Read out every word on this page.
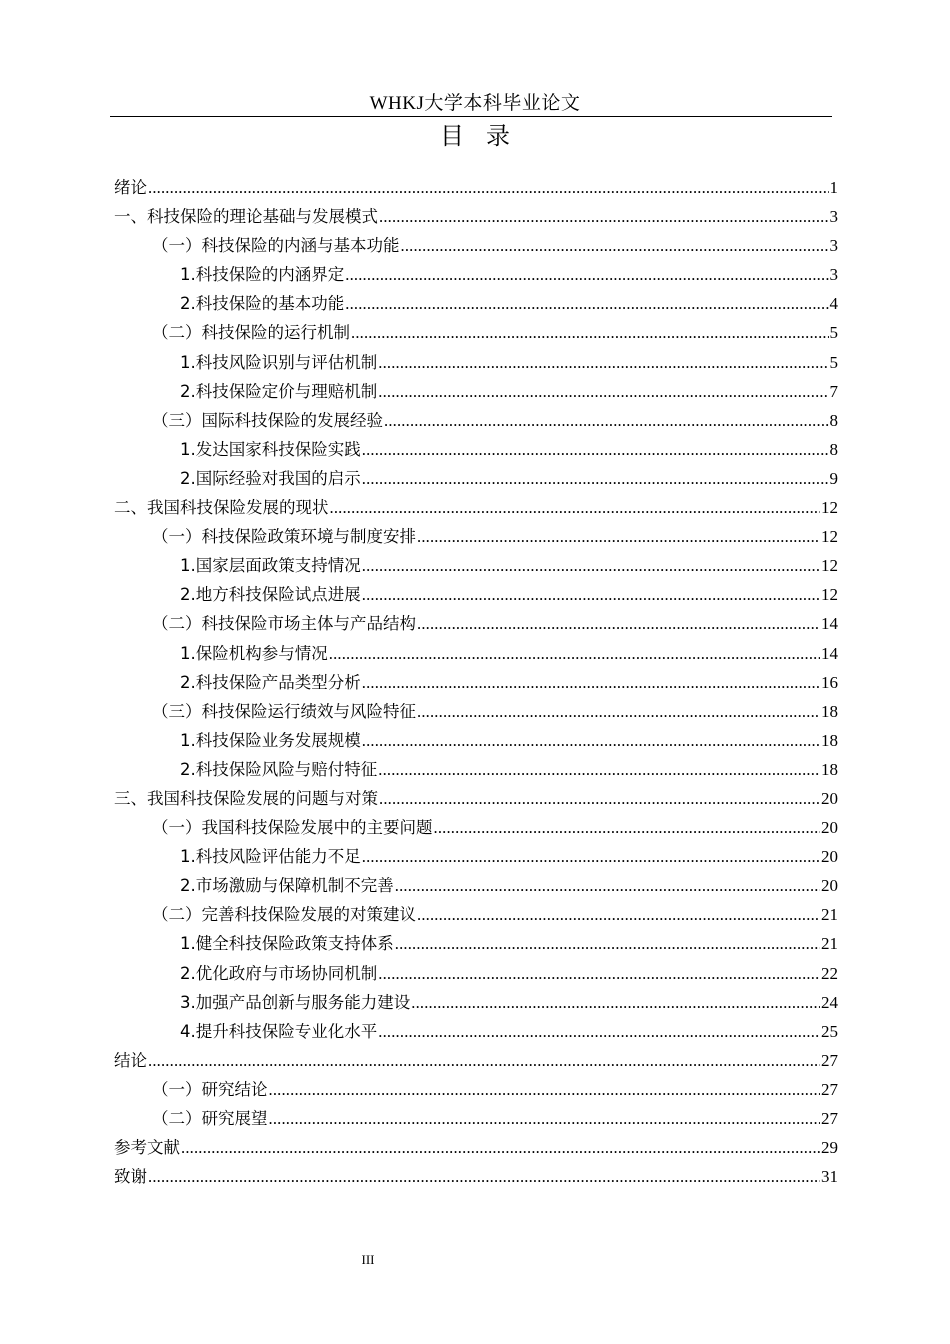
WHKJ大学本科毕业论文
目录
绪论 .....	1
一、科技保险的理论基础与发展模式 .....	3
（一）科技保险的内涵与基本功能 .....	3
1.科技保险的内涵界定 .....	3
2.科技保险的基本功能 .....	4
（二）科技保险的运行机制 .....	5
1.科技风险识别与评估机制 .....	5
2.科技保险定价与理赔机制 .....	7
（三）国际科技保险的发展经验 .....	8
1.发达国家科技保险实践 .....	8
2.国际经验对我国的启示 .....	9
二、我国科技保险发展的现状 .....	12
（一）科技保险政策环境与制度安排 .....	12
1.国家层面政策支持情况 .....	12
2.地方科技保险试点进展 .....	12
（二）科技保险市场主体与产品结构 .....	14
1.保险机构参与情况 .....	14
2.科技保险产品类型分析 .....	16
（三）科技保险运行绩效与风险特征 .....	18
1.科技保险业务发展规模 .....	18
2.科技保险风险与赔付特征 .....	18
三、我国科技保险发展的问题与对策 .....	20
（一）我国科技保险发展中的主要问题 .....	20
1.科技风险评估能力不足 .....	20
2.市场激励与保障机制不完善 .....	20
（二）完善科技保险发展的对策建议 .....	21
1.健全科技保险政策支持体系 .....	21
2.优化政府与市场协同机制 .....	22
3.加强产品创新与服务能力建设 .....	24
4.提升科技保险专业化水平 .....	25
结论 .....	27
（一）研究结论 .....	27
（二）研究展望 .....	27
参考文献 .....	29
致谢 .....	31
III
